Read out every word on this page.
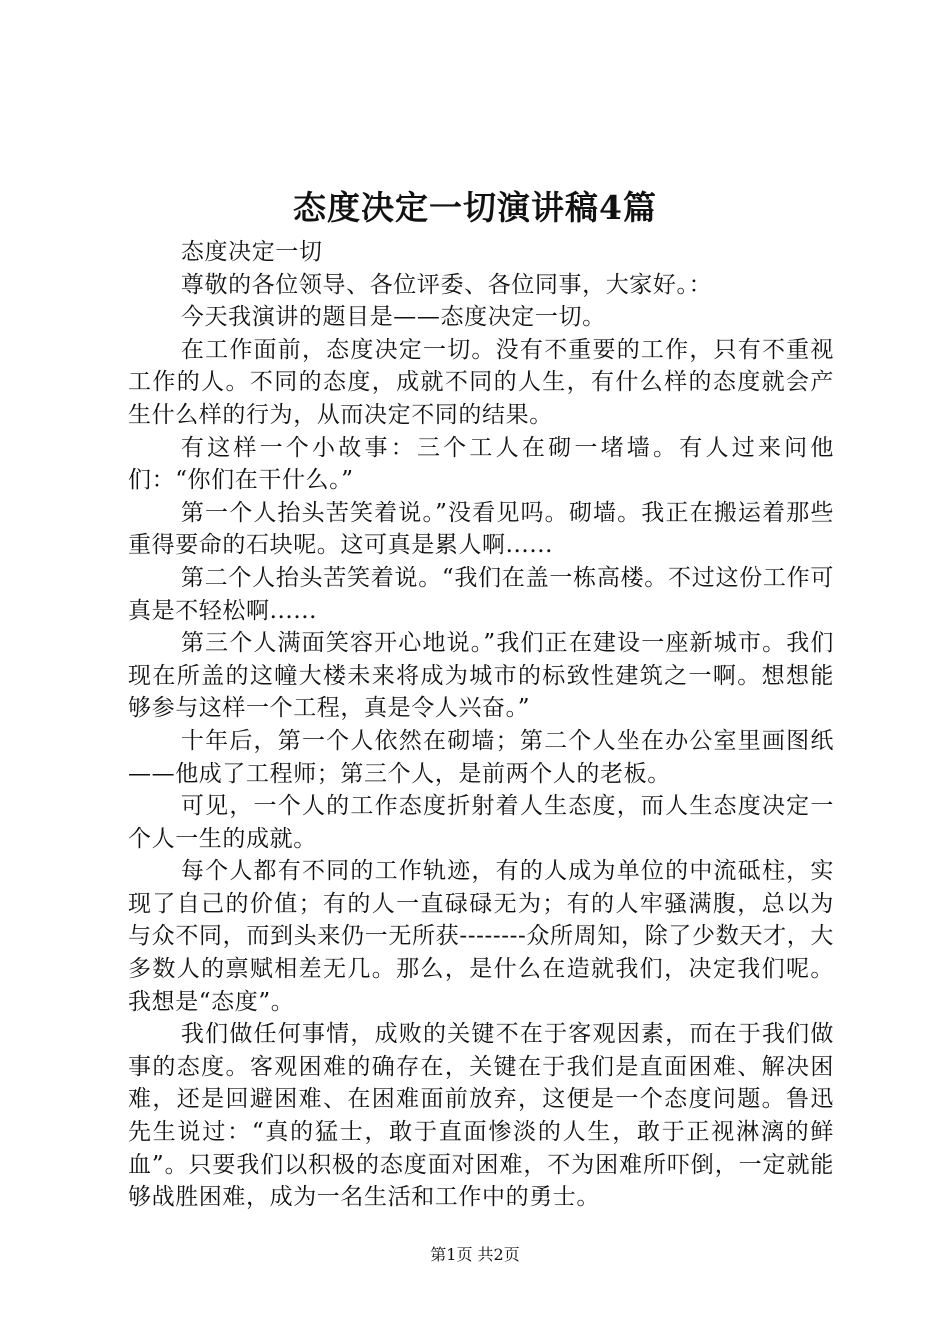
态度决定一切演讲稿4篇

态度决定一切

尊敬的各位领导、各位评委、各位同事，大家好。：

今天我演讲的题目是——态度决定一切。

在工作面前，态度决定一切。没有不重要的工作，只有不重视工作的人。不同的态度，成就不同的人生，有什么样的态度就会产生什么样的行为，从而决定不同的结果。

有这样一个小故事：三个工人在砌一堵墙。有人过来问他们：“你们在干什么。”

第一个人抬头苦笑着说。”没看见吗。砌墙。我正在搬运着那些重得要命的石块呢。这可真是累人啊......

第二个人抬头苦笑着说。“我们在盖一栋高楼。不过这份工作可真是不轻松啊......

第三个人满面笑容开心地说。”我们正在建设一座新城市。我们现在所盖的这幢大楼未来将成为城市的标致性建筑之一啊。想想能够参与这样一个工程，真是令人兴奋。”

十年后，第一个人依然在砌墙；第二个人坐在办公室里画图纸——他成了工程师；第三个人，是前两个人的老板。

可见，一个人的工作态度折射着人生态度，而人生态度决定一个人一生的成就。

每个人都有不同的工作轨迹，有的人成为单位的中流砥柱，实现了自己的价值；有的人一直碌碌无为；有的人牢骚满腹，总以为与众不同，而到头来仍一无所获--------众所周知，除了少数天才，大多数人的禀赋相差无几。那么，是什么在造就我们，决定我们呢。我想是“态度”。

我们做任何事情，成败的关键不在于客观因素，而在于我们做事的态度。客观困难的确存在，关键在于我们是直面困难、解决困难，还是回避困难、在困难面前放弃，这便是一个态度问题。鲁迅先生说过：“真的猛士，敢于直面惨淡的人生，敢于正视淋漓的鲜血”。只要我们以积极的态度面对困难，不为困难所吓倒，一定就能够战胜困难，成为一名生活和工作中的勇士。

第1页 共2页
